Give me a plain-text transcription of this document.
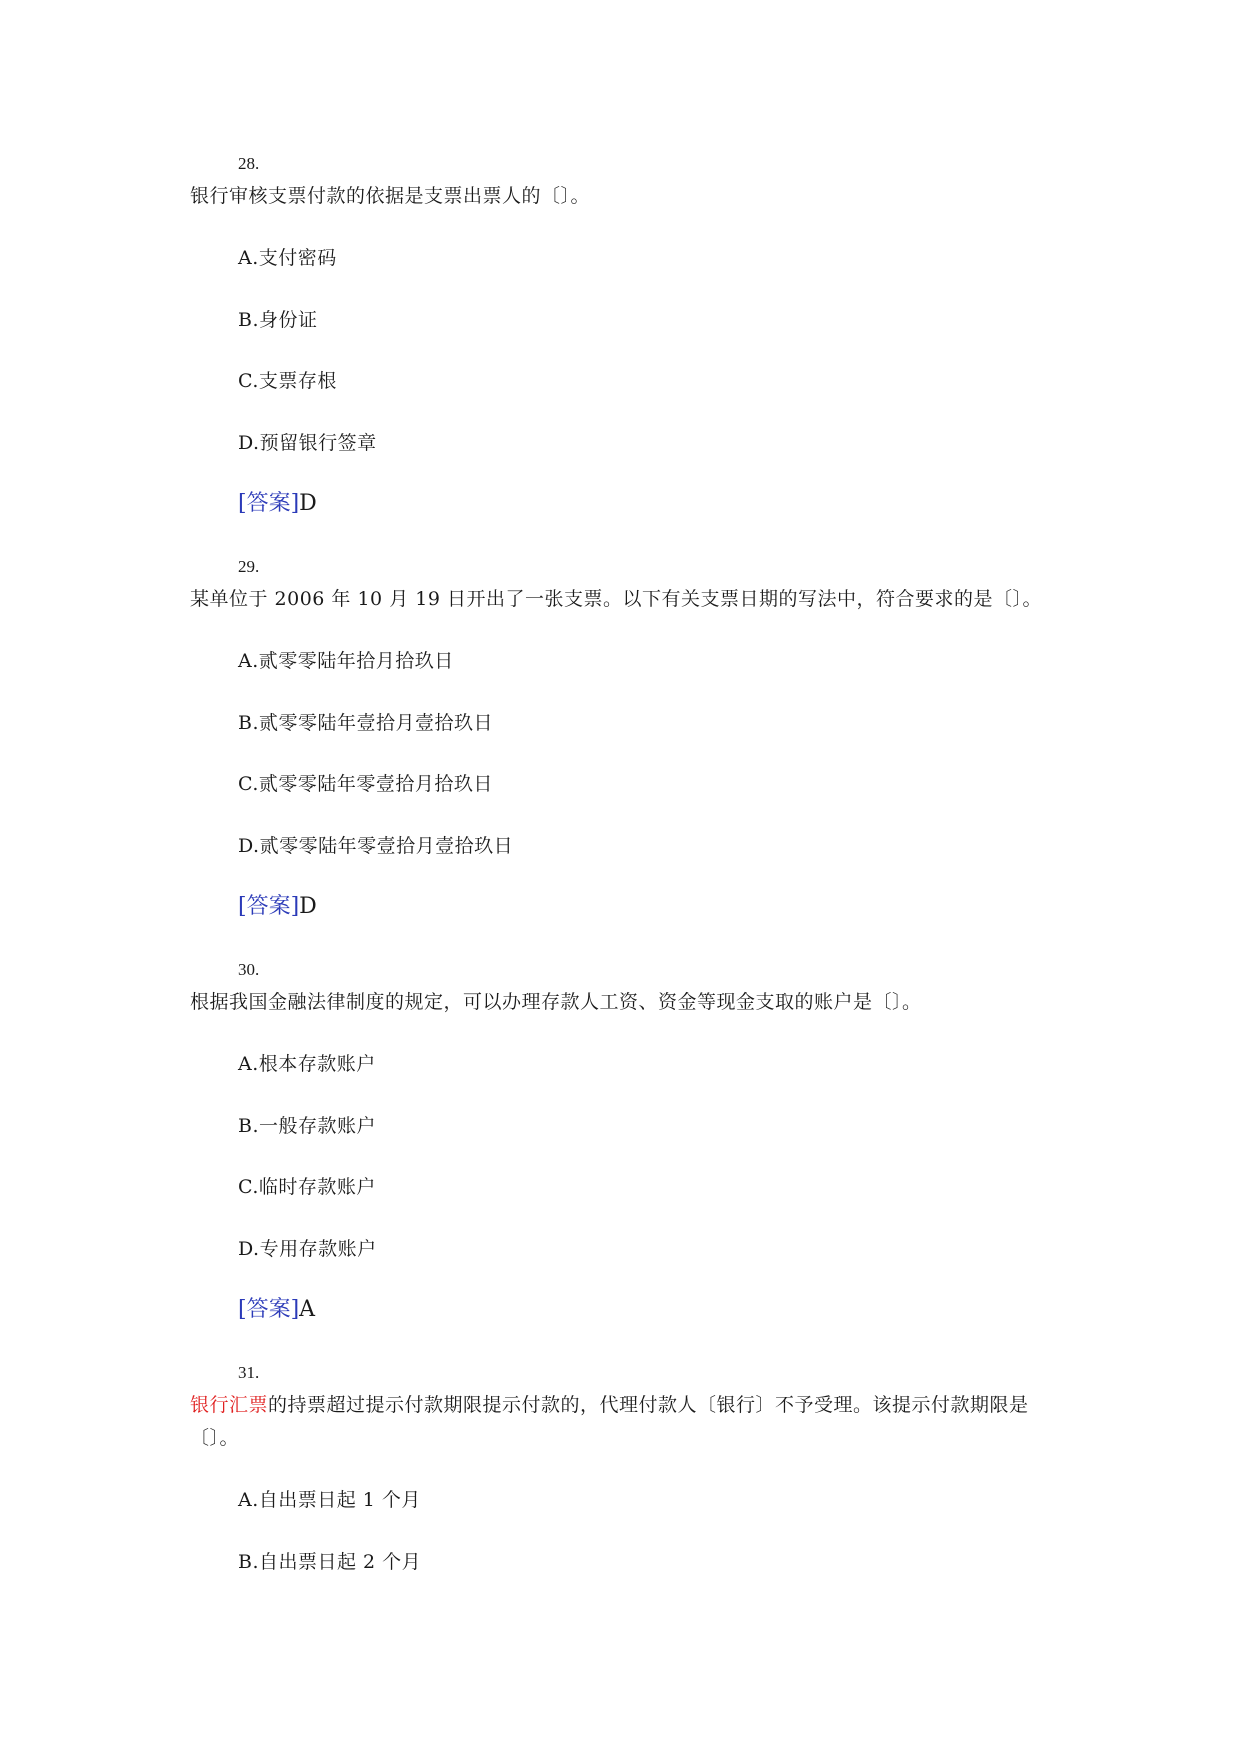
28.
银行审核支票付款的依据是支票出票人的〔〕。
A.支付密码
B.身份证
C.支票存根
D.预留银行签章
[答案]D
29.
某单位于 2006 年 10 月 19 日开出了一张支票。以下有关支票日期的写法中，符合要求的是〔〕。
A.贰零零陆年拾月拾玖日
B.贰零零陆年壹拾月壹拾玖日
C.贰零零陆年零壹拾月拾玖日
D.贰零零陆年零壹拾月壹拾玖日
[答案]D
30.
根据我国金融法律制度的规定，可以办理存款人工资、资金等现金支取的账户是〔〕。
A.根本存款账户
B.一般存款账户
C.临时存款账户
D.专用存款账户
[答案]A
31.
银行汇票的持票超过提示付款期限提示付款的，代理付款人〔银行〕不予受理。该提示付款期限是〔〕。
A.自出票日起 1 个月
B.自出票日起 2 个月
